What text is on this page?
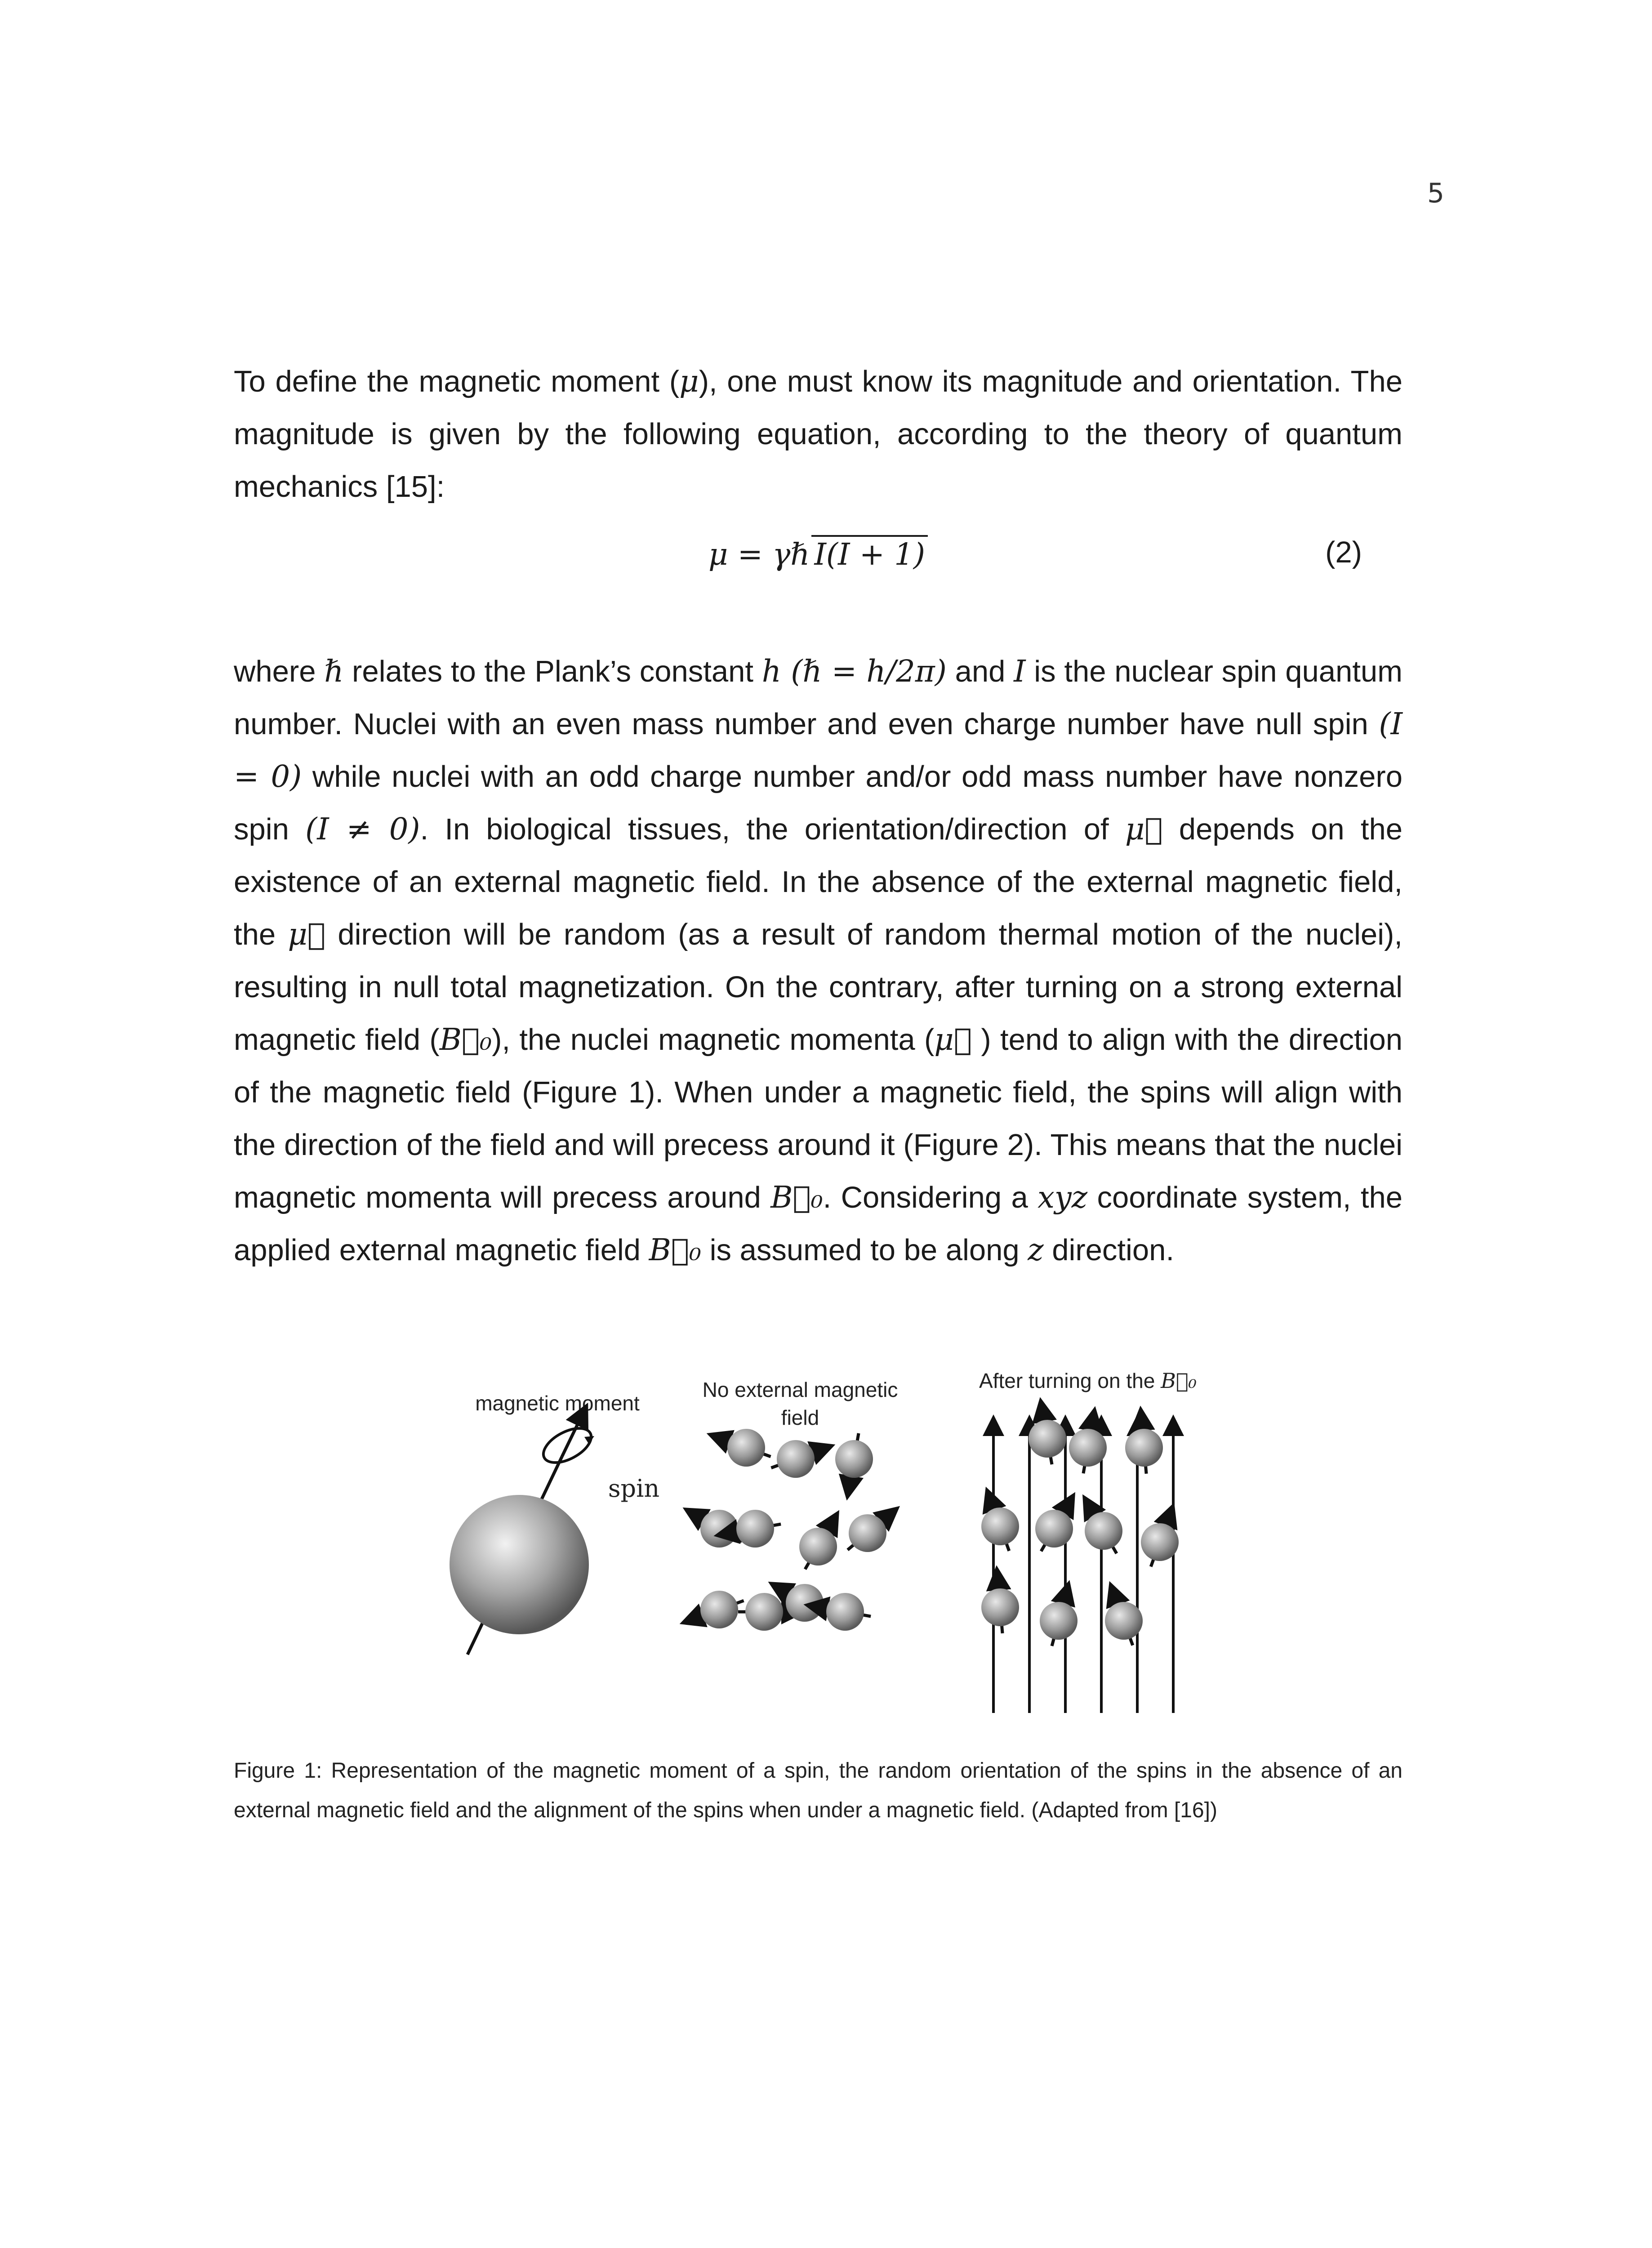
5

To define the magnetic moment (μ), one must know its magnitude and orientation. The magnitude is given by the following equation, according to the theory of quantum mechanics [15]:

μ = γℏ I(I + 1)	(2)

where ℏ relates to the Plank’s constant h (ℏ = h/2π) and I is the nuclear spin quantum number. Nuclei with an even mass number and even charge number have null spin (I = 0) while nuclei with an odd charge number and/or odd mass number have nonzero spin (I ≠ 0). In biological tissues, the orientation/direction of μ⃗ depends on the existence of an external magnetic field. In the absence of the external magnetic field, the μ⃗ direction will be random (as a result of random thermal motion of the nuclei), resulting in null total magnetization. On the contrary, after turning on a strong external magnetic field (B⃗₀), the nuclei magnetic momenta (μ⃗ ) tend to align with the direction of the magnetic field (Figure 1). When under a magnetic field, the spins will align with the direction of the field and will precess around it (Figure 2). This means that the nuclei magnetic momenta will precess around B⃗₀. Considering a xyz coordinate system, the applied external magnetic field B⃗₀ is assumed to be along z direction.

magnetic moment
spin
No external magnetic field
After turning on the B⃗₀
Figure 1: Representation of the magnetic moment of a spin, the random orientation of the spins in the absence of an external magnetic field and the alignment of the spins when under a magnetic field. (Adapted from [16])
